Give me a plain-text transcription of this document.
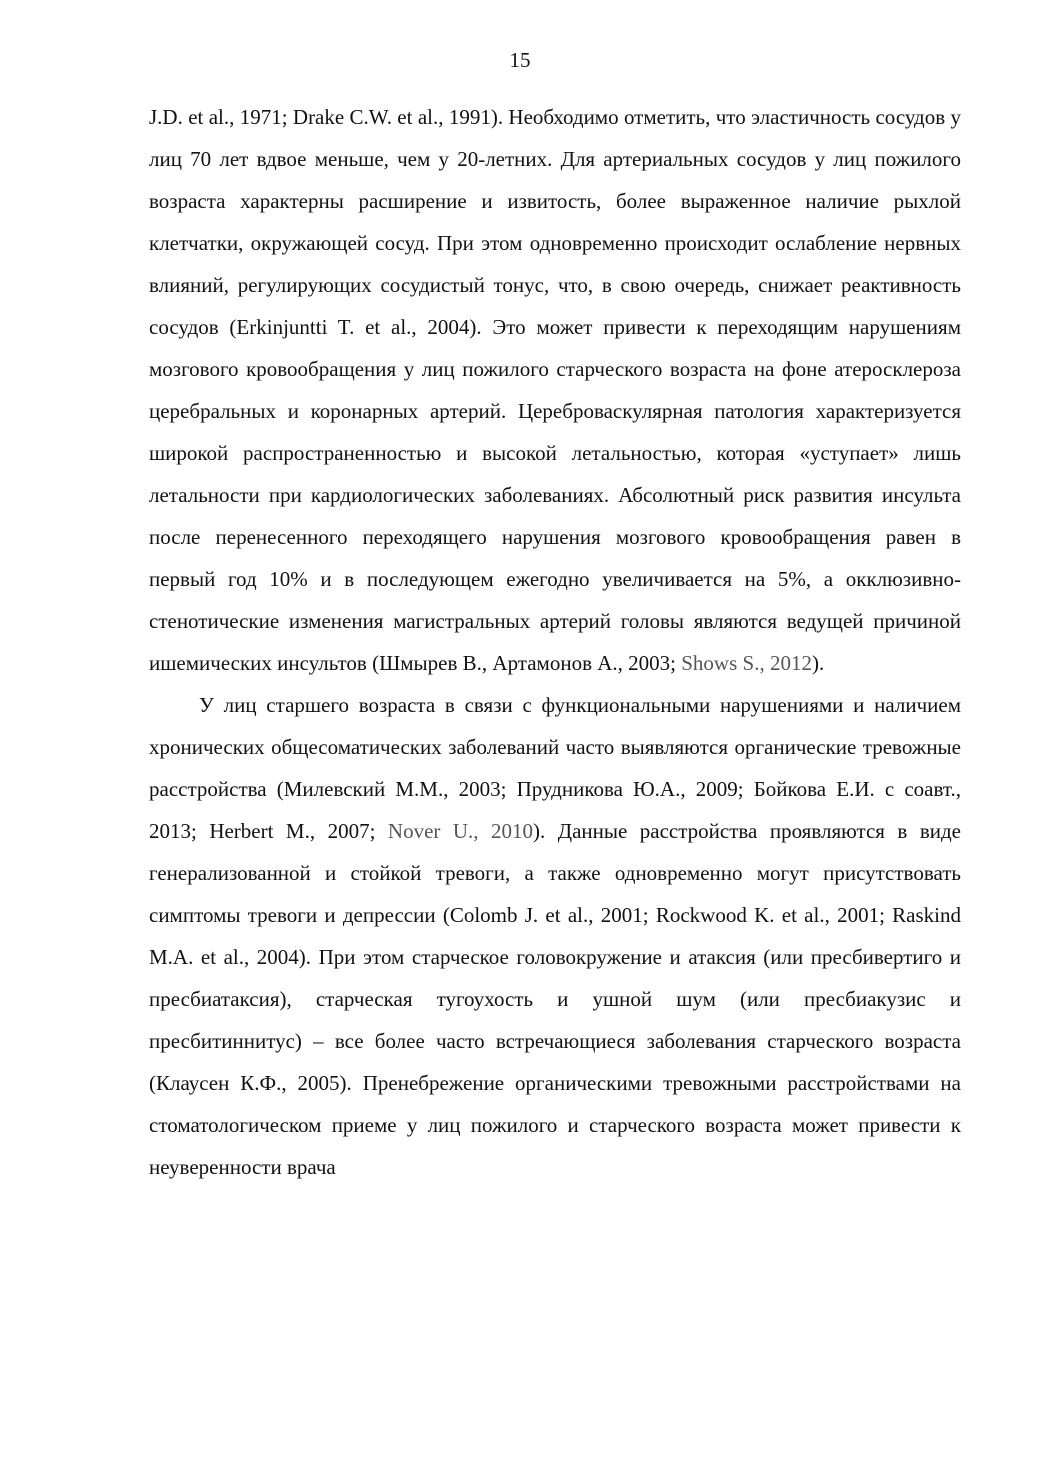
15

J.D. et al., 1971; Drake C.W. et al., 1991). Необходимо отметить, что эластичность сосудов у лиц 70 лет вдвое меньше, чем у 20-летних. Для артериальных сосудов у лиц пожилого возраста характерны расширение и извитость, более выраженное наличие рыхлой клетчатки, окружающей сосуд. При этом одновременно происходит ослабление нервных влияний, регулирующих сосудистый тонус, что, в свою очередь, снижает реактивность сосудов (Erkinjuntti T. et al., 2004). Это может привести к переходящим нарушениям мозгового кровообращения у лиц пожилого старческого возраста на фоне атеросклероза церебральных и коронарных артерий. Цереброваскулярная патология характеризуется широкой распространенностью и высокой летальностью, которая «уступает» лишь летальности при кардиологических заболеваниях. Абсолютный риск развития инсульта после перенесенного переходящего нарушения мозгового кровообращения равен в первый год 10% и в последующем ежегодно увеличивается на 5%, а окклюзивно-стенотические изменения магистральных артерий головы являются ведущей причиной ишемических инсультов (Шмырев В., Артамонов А., 2003; Shows S., 2012).

У лиц старшего возраста в связи с функциональными нарушениями и наличием хронических общесоматических заболеваний часто выявляются органические тревожные расстройства (Милевский М.М., 2003; Прудникова Ю.А., 2009; Бойкова Е.И. с соавт., 2013; Herbert M., 2007; Nover U., 2010). Данные расстройства проявляются в виде генерализованной и стойкой тревоги, а также одновременно могут присутствовать симптомы тревоги и депрессии (Colomb J. et al., 2001; Rockwood K. et al., 2001; Raskind M.A. et al., 2004). При этом старческое головокружение и атаксия (или пресбивертиго и пресбиатаксия), старческая тугоухость и ушной шум (или пресбиакузис и пресбитиннитус) – все более часто встречающиеся заболевания старческого возраста (Клаусен К.Ф., 2005). Пренебрежение органическими тревожными расстройствами на стоматологическом приеме у лиц пожилого и старческого возраста может привести к неуверенности врача
